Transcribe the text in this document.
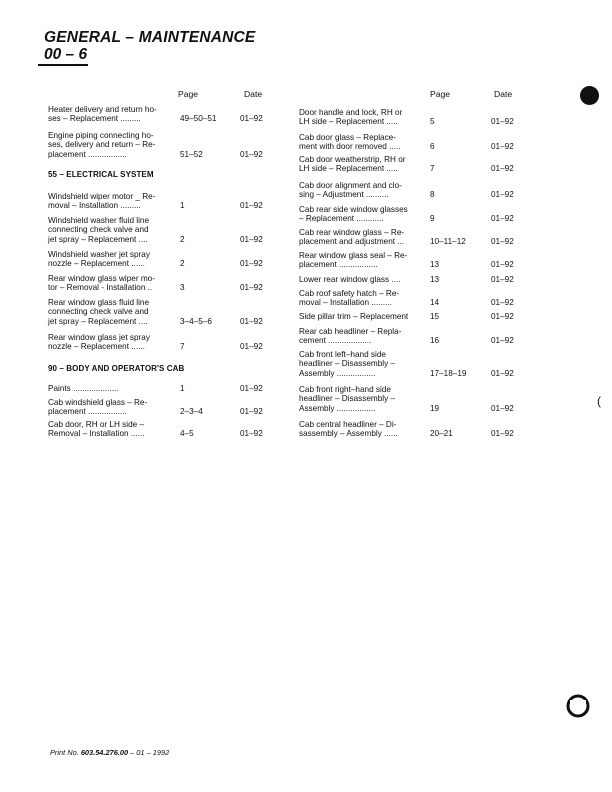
GENERAL – MAINTENANCE
00 – 6
Page	Date	Page	Date
Heater delivery and return ho-
ses – Replacement .........	49–50–51	01–92
Engine piping connecting ho-
ses, delivery and return – Re-
placement .................	51–52	01–92
55 – ELECTRICAL SYSTEM
Windshield wiper motor _ Re-
moval – Installation .........	1	01–92
Windshield washer fluid line
connecting check valve and
jet spray – Replacement ....	2	01–92
Windshield washer jet spray
nozzle – Replacement ......	2	01–92
Rear window glass wiper mo-
tor – Removal - Installation ..	3	01–92
Rear window glass fluid line
connecting check valve and
jet spray – Replacement ....	3–4–5–6	01–92
Rear window glass jet spray
nozzle – Replacement ......	7	01–92
90 – BODY AND OPERATOR'S CAB
Paints ....................	1	01–92
Cab windshield glass – Re-
placement .................	2–3–4	01–92
Cab door, RH or LH side –
Removal – Installation ......	4–5	01–92
Door handle and lock, RH or
LH side – Replacement .....	5	01–92
Cab door glass – Replace-
ment with door removed .....	6	01–92
Cab door weatherstrip, RH or
LH side – Replacement .....	7	01–92
Cab door alignment and clo-
sing – Adjustment ..........	8	01–92
Cab rear side window glasses
– Replacement ............	9	01–92
Cab rear window glass – Re-
placement and adjustment ...	10–11–12	01–92
Rear window glass seal – Re-
placement .................	13	01–92
Lower rear window glass ....	13	01–92
Cab roof safety hatch – Re-
moval – Installation .........	14	01–92
Side pillar trim – Replacement	15	01–92
Rear cab headliner – Repla-
cement ...................	16	01–92
Cab front left–hand side
headliner – Disassembly –
Assembly .................	17–18–19	01–92
Cab front right–hand side
headliner – Disassembly –
Assembly .................	19	01–92
Cab central headliner – Di-
sassembly – Assembly ......	20–21	01–92
(
Print No. 603.54.276.00 – 01 – 1992
